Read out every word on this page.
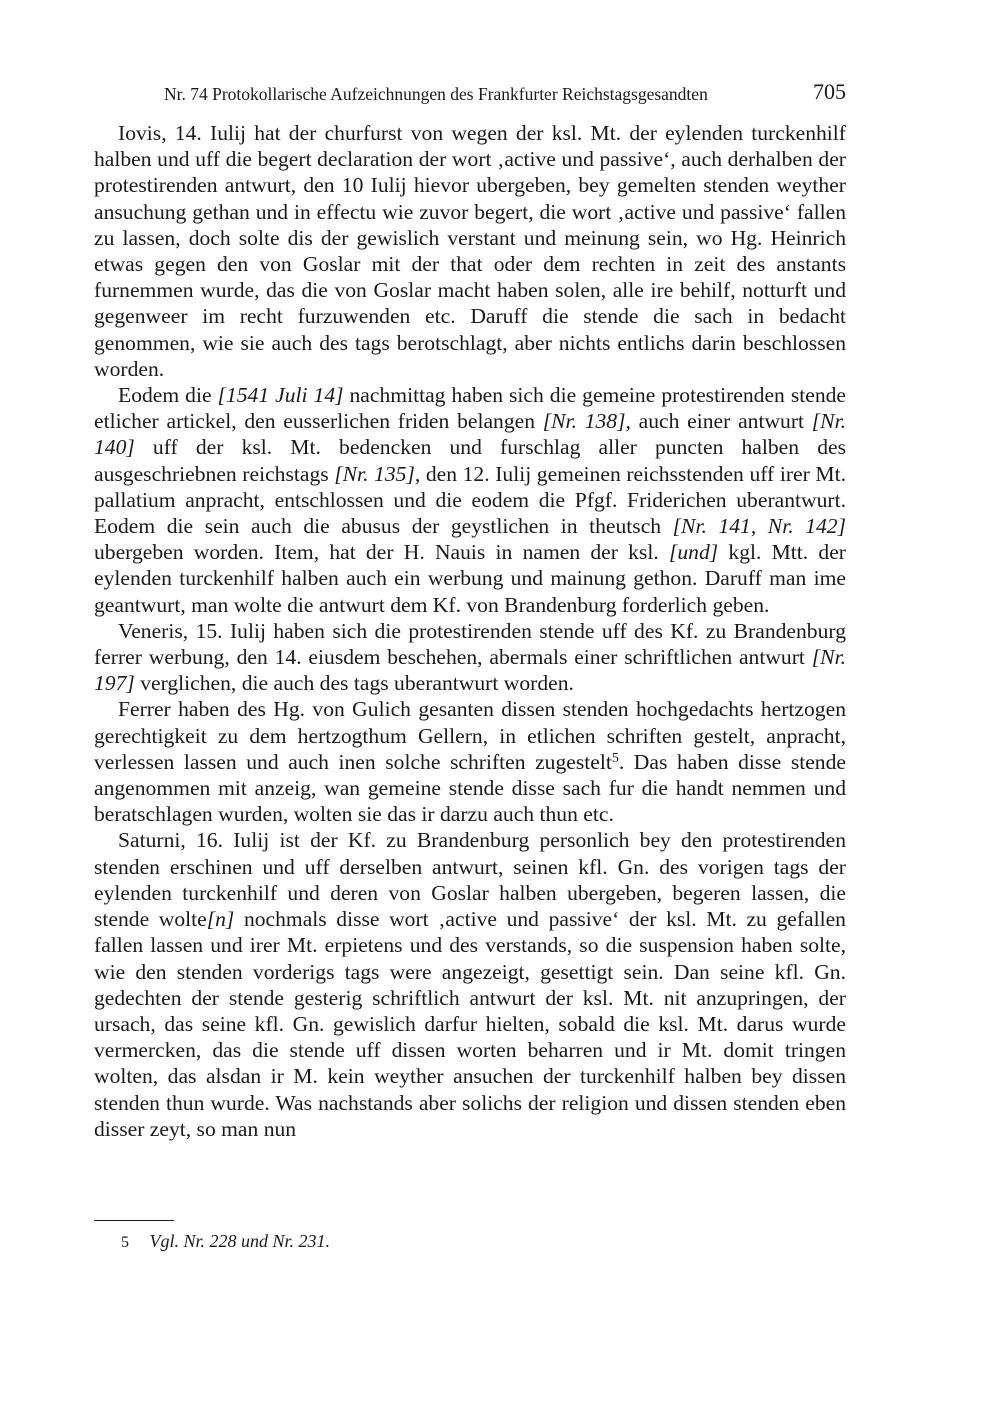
Nr. 74 Protokollarische Aufzeichnungen des Frankfurter Reichstagsgesandten	705

Iovis, 14. Iulij hat der churfurst von wegen der ksl. Mt. der eylenden turckenhilf halben und uff die begert declaration der wort ‚active und passive‘, auch derhalben der protestirenden antwurt, den 10 Iulij hievor ubergeben, bey gemelten stenden weyther ansuchung gethan und in effectu wie zuvor begert, die wort ‚active und passive‘ fallen zu lassen, doch solte dis der gewislich verstant und meinung sein, wo Hg. Heinrich etwas gegen den von Goslar mit der that oder dem rechten in zeit des anstants furnemmen wurde, das die von Goslar macht haben solen, alle ire behilf, notturft und gegenweer im recht furzuwenden etc. Daruff die stende die sach in bedacht genommen, wie sie auch des tags berotschlagt, aber nichts entlichs darin beschlossen worden.

Eodem die [1541 Juli 14] nachmittag haben sich die gemeine protestirenden stende etlicher artickel, den eusserlichen friden belangen [Nr. 138], auch einer antwurt [Nr. 140] uff der ksl. Mt. bedencken und furschlag aller puncten halben des ausgeschriebnen reichstags [Nr. 135], den 12. Iulij gemeinen reichsstenden uff irer Mt. pallatium anpracht, entschlossen und die eodem die Pfgf. Friderichen uberantwurt. Eodem die sein auch die abusus der geystlichen in theutsch [Nr. 141, Nr. 142] ubergeben worden. Item, hat der H. Nauis in namen der ksl. [und] kgl. Mtt. der eylenden turckenhilf halben auch ein werbung und mainung gethon. Daruff man ime geantwurt, man wolte die antwurt dem Kf. von Brandenburg forderlich geben.

Veneris, 15. Iulij haben sich die protestirenden stende uff des Kf. zu Brandenburg ferrer werbung, den 14. eiusdem beschehen, abermals einer schriftlichen antwurt [Nr. 197] verglichen, die auch des tags uberantwurt worden.

Ferrer haben des Hg. von Gulich gesanten dissen stenden hochgedachts hertzogen gerechtigkeit zu dem hertzogthum Gellern, in etlichen schriften gestelt, anpracht, verlessen lassen und auch inen solche schriften zugestelt$^5$. Das haben disse stende angenommen mit anzeig, wan gemeine stende disse sach fur die handt nemmen und beratschlagen wurden, wolten sie das ir darzu auch thun etc.

Saturni, 16. Iulij ist der Kf. zu Brandenburg personlich bey den protestirenden stenden erschinen und uff derselben antwurt, seinen kfl. Gn. des vorigen tags der eylenden turckenhilf und deren von Goslar halben ubergeben, begeren lassen, die stende wolte[n] nochmals disse wort ‚active und passive‘ der ksl. Mt. zu gefallen fallen lassen und irer Mt. erpietens und des verstands, so die suspension haben solte, wie den stenden vorderigs tags were angezeigt, gesettigt sein. Dan seine kfl. Gn. gedechten der stende gesterig schriftlich antwurt der ksl. Mt. nit anzupringen, der ursach, das seine kfl. Gn. gewislich darfur hielten, sobald die ksl. Mt. darus wurde vermercken, das die stende uff dissen worten beharren und ir Mt. domit tringen wolten, das alsdan ir M. kein weyther ansuchen der turckenhilf halben bey dissen stenden thun wurde. Was nachstands aber solichs der religion und dissen stenden eben disser zeyt, so man nun

5 Vgl. Nr. 228 und Nr. 231.
